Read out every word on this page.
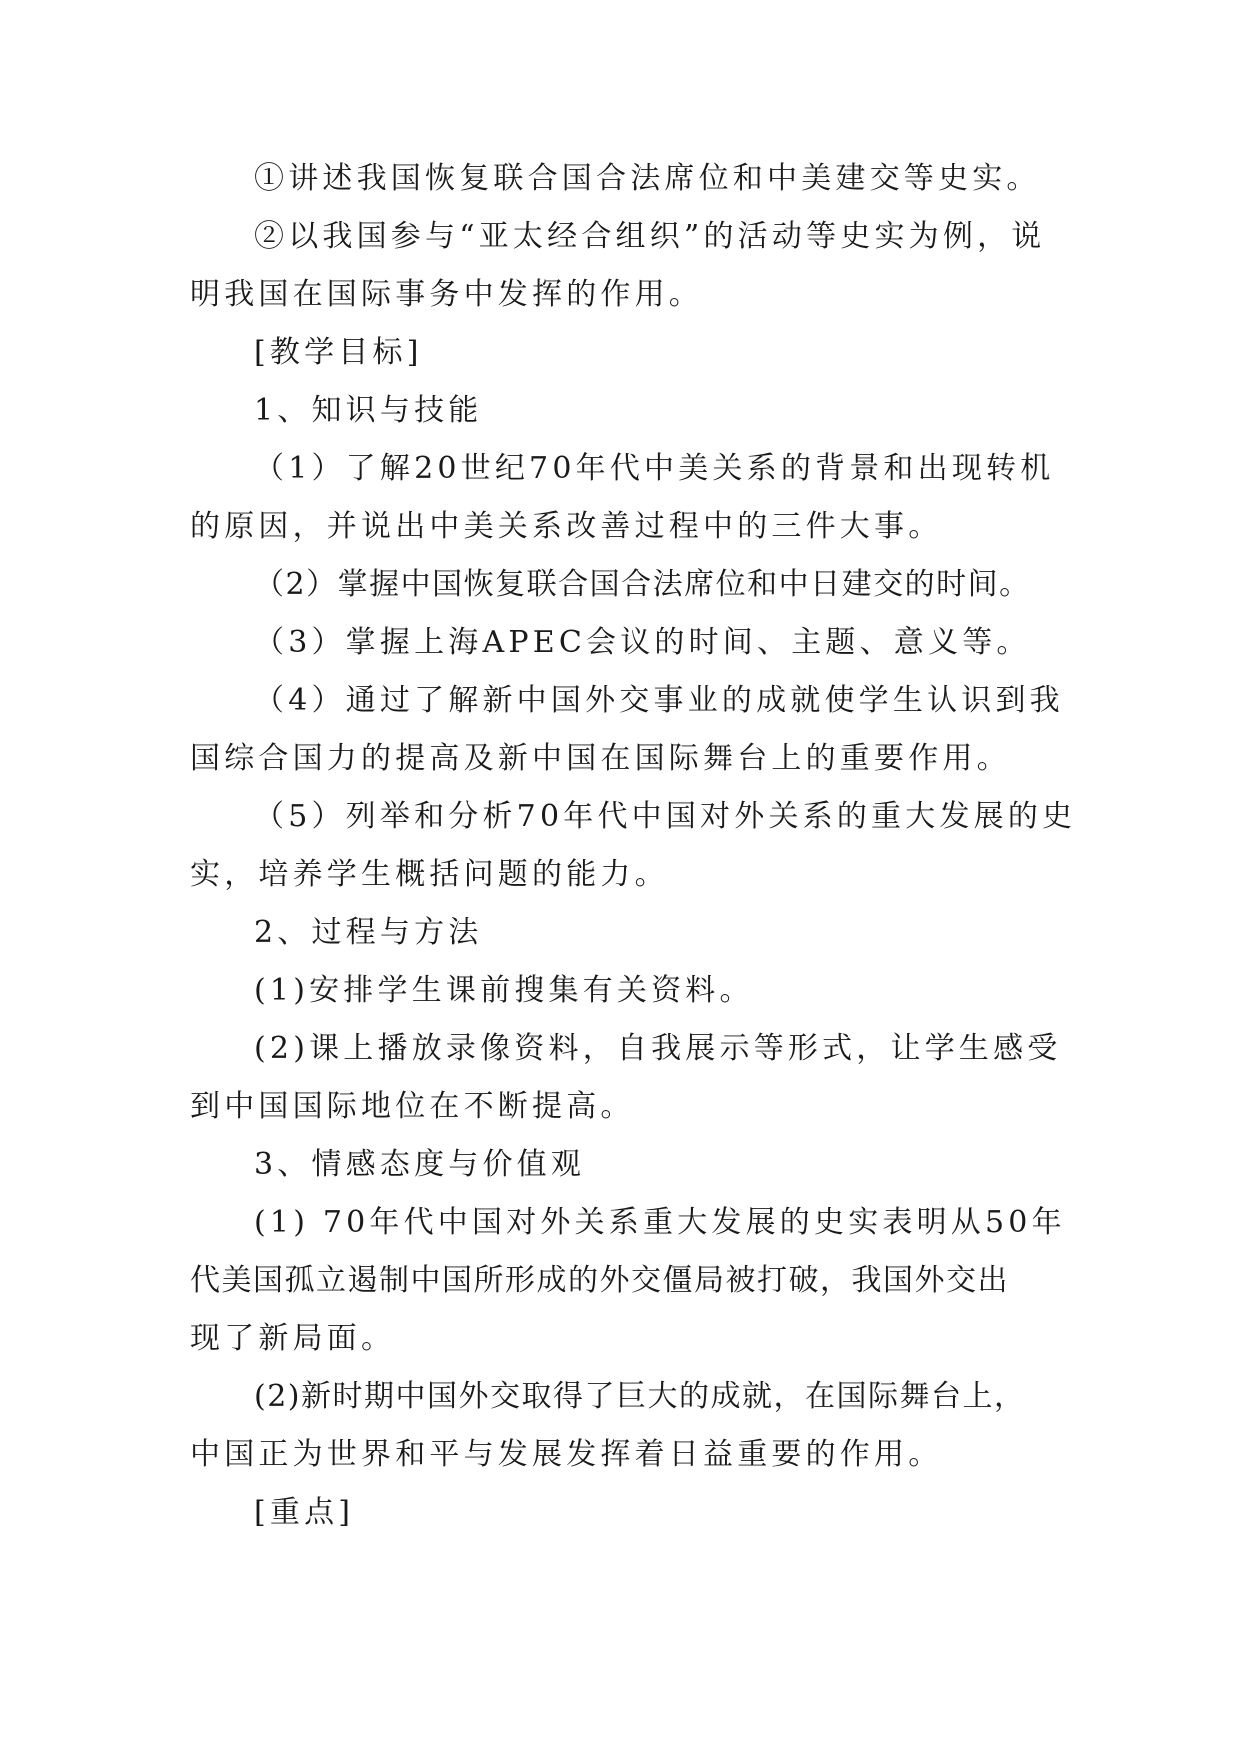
①讲述我国恢复联合国合法席位和中美建交等史实。
②以我国参与“亚太经合组织”的活动等史实为例，说
明我国在国际事务中发挥的作用。
[教学目标]
1、知识与技能
（1）了解20世纪70年代中美关系的背景和出现转机
的原因，并说出中美关系改善过程中的三件大事。
（2）掌握中国恢复联合国合法席位和中日建交的时间。
（3）掌握上海APEC会议的时间、主题、意义等。
（4）通过了解新中国外交事业的成就使学生认识到我
国综合国力的提高及新中国在国际舞台上的重要作用。
（5）列举和分析70年代中国对外关系的重大发展的史
实，培养学生概括问题的能力。
2、过程与方法
(1)安排学生课前搜集有关资料。
(2)课上播放录像资料，自我展示等形式，让学生感受
到中国国际地位在不断提高。
3、情感态度与价值观
(1) 70年代中国对外关系重大发展的史实表明从50年
代美国孤立遏制中国所形成的外交僵局被打破，我国外交出
现了新局面。
(2)新时期中国外交取得了巨大的成就，在国际舞台上，
中国正为世界和平与发展发挥着日益重要的作用。
[重点]
